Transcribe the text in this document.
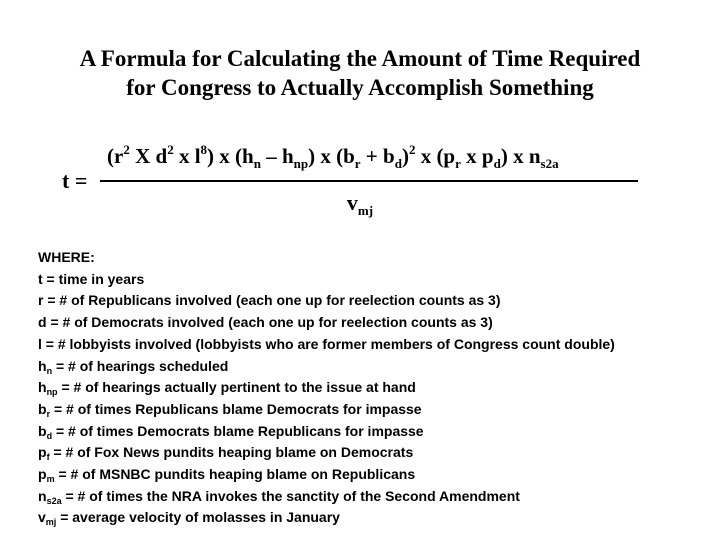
A Formula for Calculating the Amount of Time Required
for Congress to Actually Accomplish Something
t =
($r^2$ X $d^2$ x $l^8$) x $(h_n - h_{np})$ x $(b_r + b_d)^2$ x ($p_r$ x $p_d$) x $n_{s2a}$
$v_{mj}$
WHERE:
t = time in years
r = # of Republicans involved (each one up for reelection counts as 3)
d = # of Democrats involved (each one up for reelection counts as 3)
l = # lobbyists involved (lobbyists who are former members of Congress count double)
$h_n$ = # of hearings scheduled
$h_{np}$ = # of hearings actually pertinent to the issue at hand
$b_r$ = # of times Republicans blame Democrats for impasse
$b_d$ = # of times Democrats blame Republicans for impasse
$p_f$ = # of Fox News pundits heaping blame on Democrats
$p_m$ = # of MSNBC pundits heaping blame on Republicans
$n_{s2a}$ = # of times the NRA invokes the sanctity of the Second Amendment
$v_{mj}$ = average velocity of molasses in January
